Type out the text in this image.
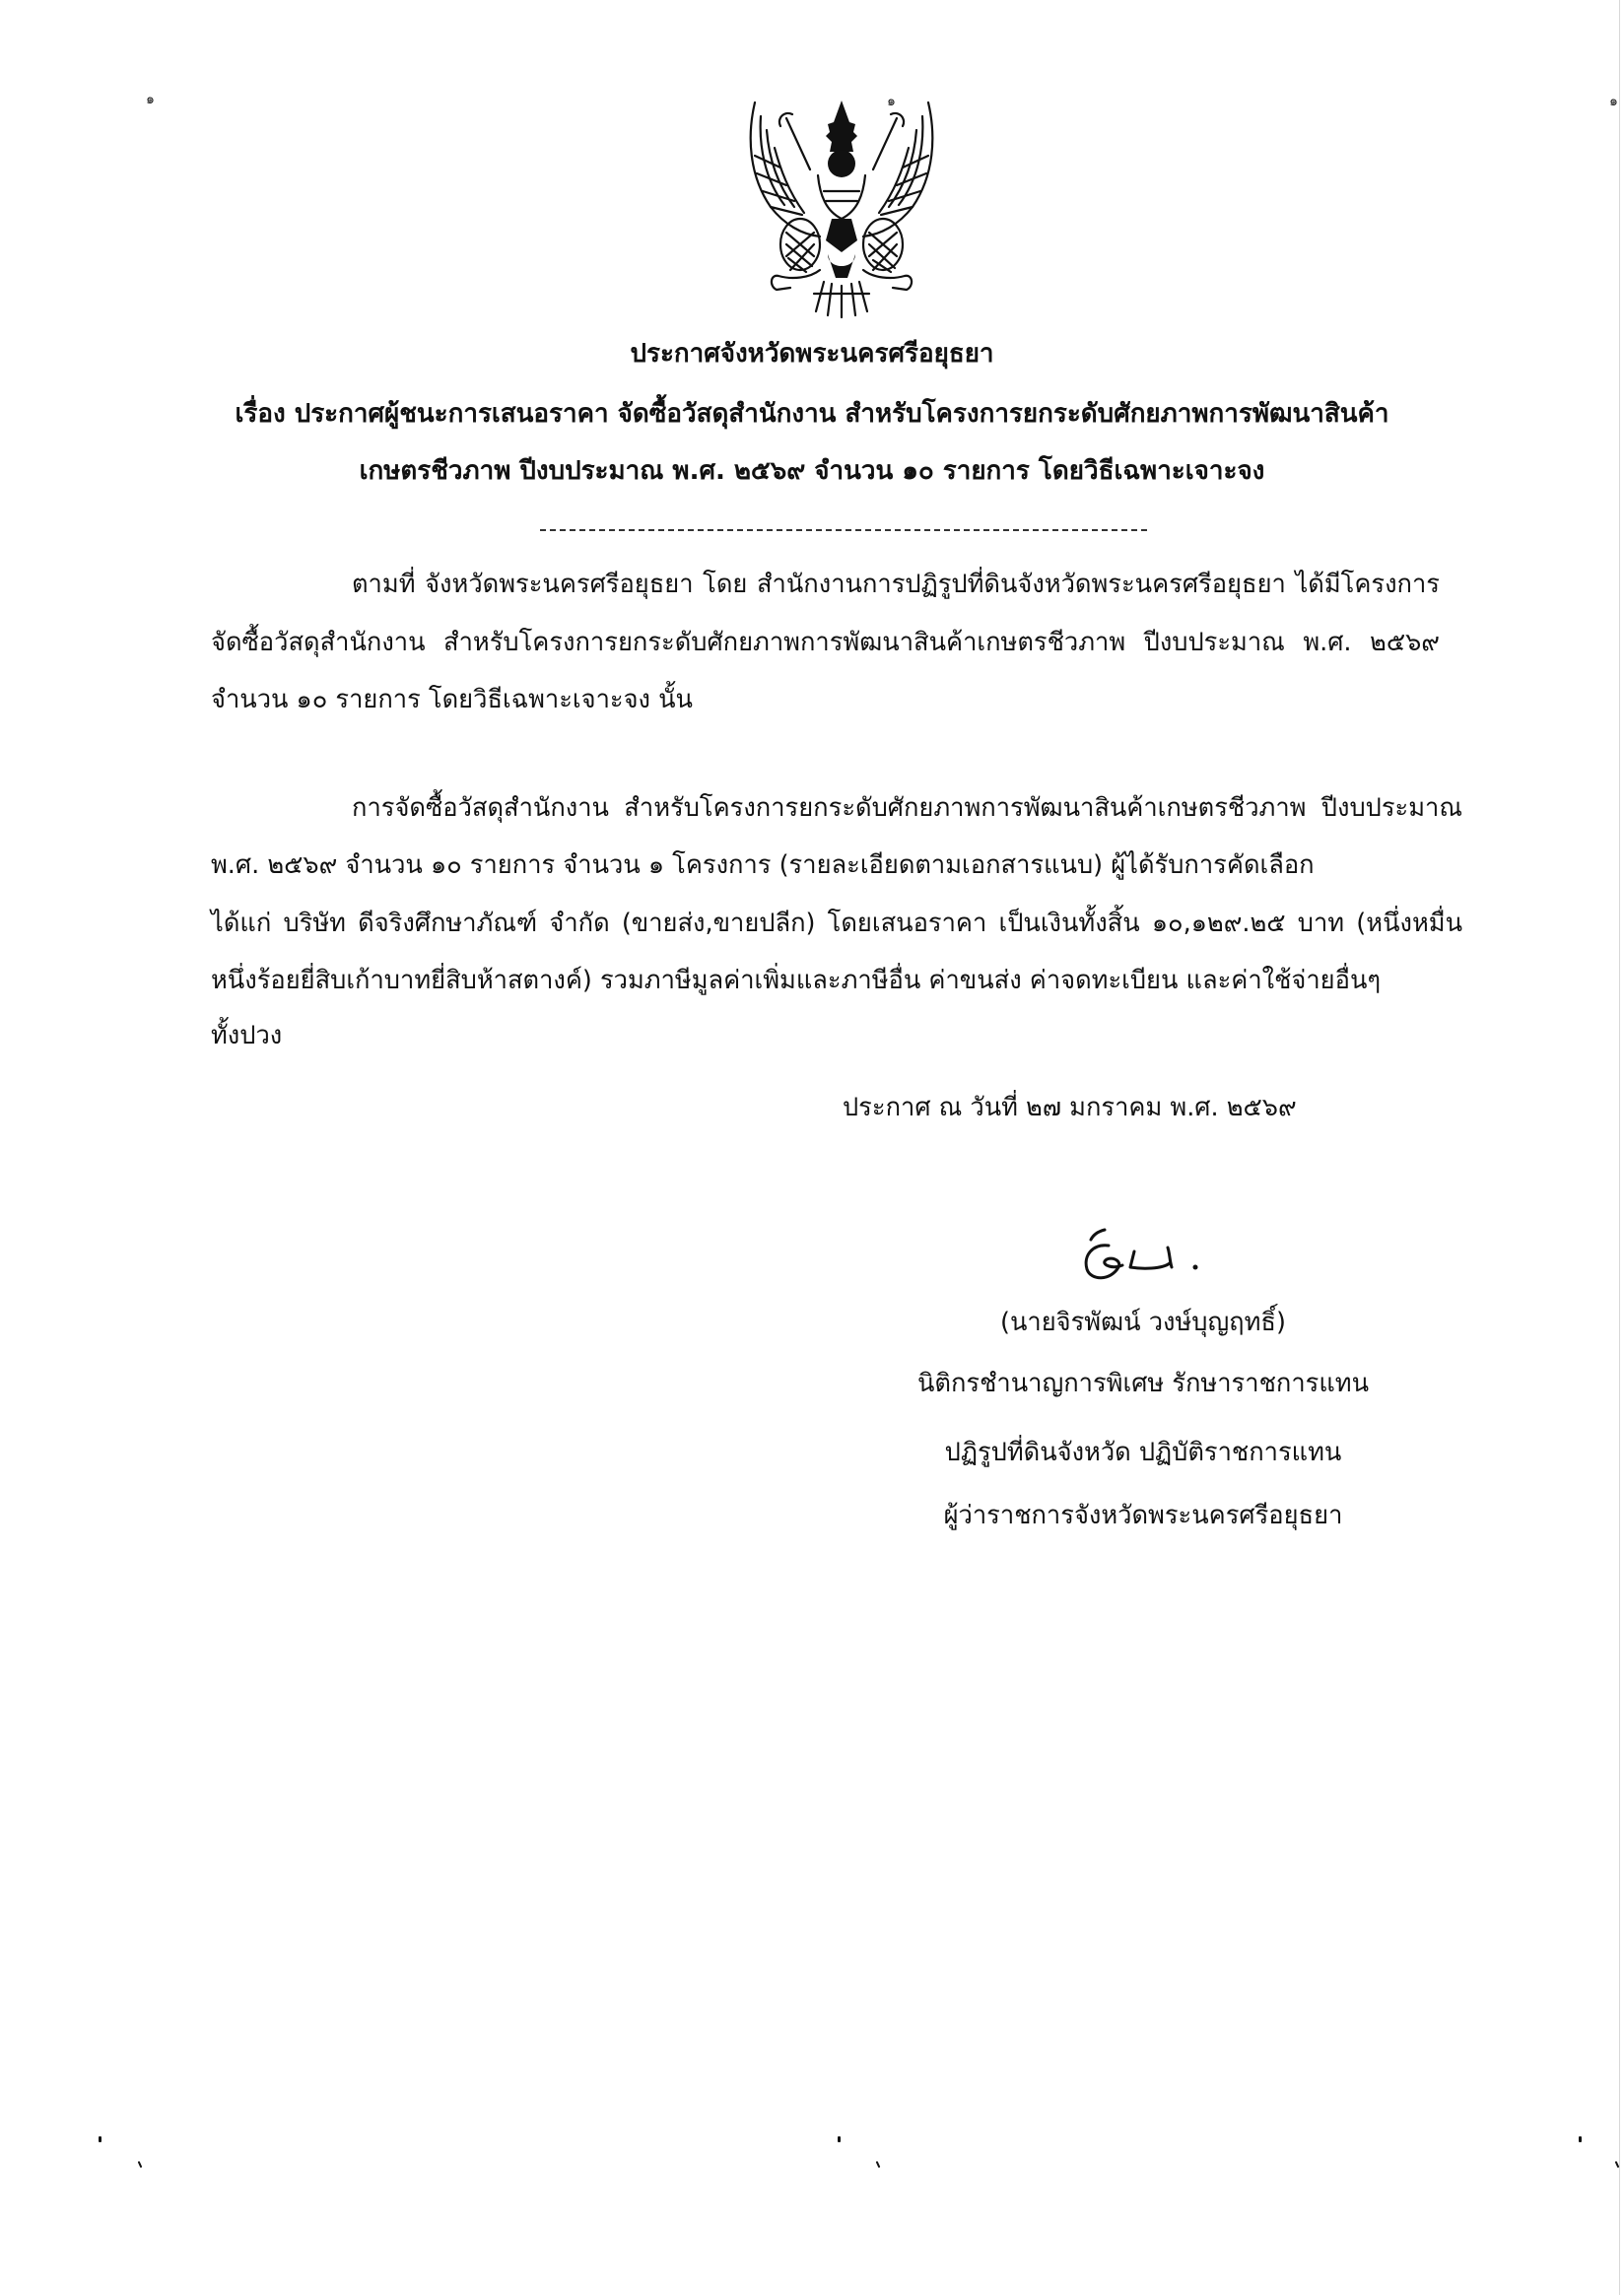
๑	๑	๑
ประกาศจังหวัดพระนครศรีอยุธยา
เรื่อง ประกาศผู้ชนะการเสนอราคา จัดซื้อวัสดุสำนักงาน สำหรับโครงการยกระดับศักยภาพการพัฒนาสินค้า
เกษตรชีวภาพ ปีงบประมาณ พ.ศ. ๒๕๖๙ จำนวน ๑๐ รายการ โดยวิธีเฉพาะเจาะจง
ตามที่ จังหวัดพระนครศรีอยุธยา โดย สำนักงานการปฏิรูปที่ดินจังหวัดพระนครศรีอยุธยา ได้มีโครงการ
จัดซื้อวัสดุสำนักงาน สำหรับโครงการยกระดับศักยภาพการพัฒนาสินค้าเกษตรชีวภาพ ปีงบประมาณ พ.ศ. ๒๕๖๙
จำนวน ๑๐ รายการ โดยวิธีเฉพาะเจาะจง นั้น
การจัดซื้อวัสดุสำนักงาน สำหรับโครงการยกระดับศักยภาพการพัฒนาสินค้าเกษตรชีวภาพ ปีงบประมาณ
พ.ศ. ๒๕๖๙ จำนวน ๑๐ รายการ จำนวน ๑ โครงการ (รายละเอียดตามเอกสารแนบ) ผู้ได้รับการคัดเลือก
ได้แก่ บริษัท ดีจริงศึกษาภัณฑ์ จำกัด (ขายส่ง,ขายปลีก) โดยเสนอราคา เป็นเงินทั้งสิ้น ๑๐,๑๒๙.๒๕ บาท (หนึ่งหมื่น
หนึ่งร้อยยี่สิบเก้าบาทยี่สิบห้าสตางค์) รวมภาษีมูลค่าเพิ่มและภาษีอื่น ค่าขนส่ง ค่าจดทะเบียน และค่าใช้จ่ายอื่นๆ
ทั้งปวง
ประกาศ ณ วันที่ ๒๗ มกราคม พ.ศ. ๒๕๖๙
(นายจิรพัฒน์ วงษ์บุญฤทธิ์)
นิติกรชำนาญการพิเศษ รักษาราชการแทน
ปฏิรูปที่ดินจังหวัด ปฏิบัติราชการแทน
ผู้ว่าราชการจังหวัดพระนครศรีอยุธยา
